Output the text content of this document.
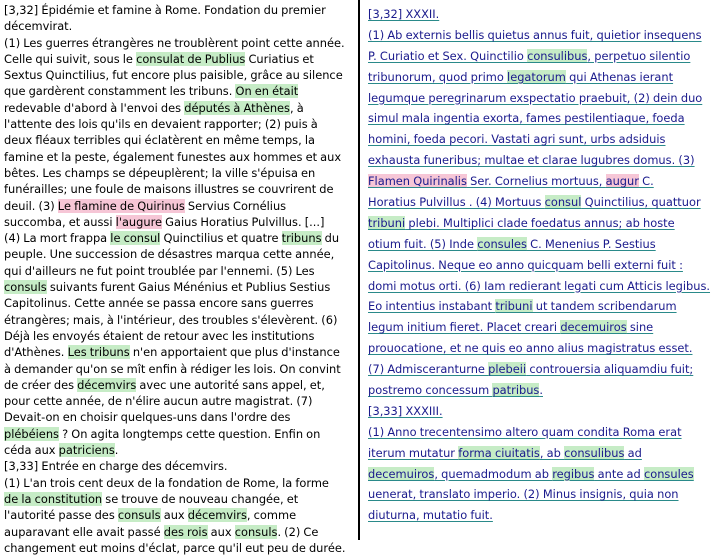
[3,32] Épidémie et famine à Rome. Fondation du premier
décemvirat.
(1) Les guerres étrangères ne troublèrent point cette année.
Celle qui suivit, sous le consulat de Publius Curiatius et
Sextus Quinctilius, fut encore plus paisible, grâce au silence
que gardèrent constamment les tribuns. On en était
redevable d'abord à l'envoi des députés à Athènes, à
l'attente des lois qu'ils en devaient rapporter; (2) puis à
deux fléaux terribles qui éclatèrent en même temps, la
famine et la peste, également funestes aux hommes et aux
bêtes. Les champs se dépeuplèrent; la ville s'épuisa en
funérailles; une foule de maisons illustres se couvrirent de
deuil. (3) Le flamine de Quirinus Servius Cornélius
succomba, et aussi l'augure Gaius Horatius Pulvillus. [...]
(4) La mort frappa le consul Quinctilius et quatre tribuns du
peuple. Une succession de désastres marqua cette année,
qui d'ailleurs ne fut point troublée par l'ennemi. (5) Les
consuls suivants furent Gaius Ménénius et Publius Sestius
Capitolinus. Cette année se passa encore sans guerres
étrangères; mais, à l'intérieur, des troubles s'élevèrent. (6)
Déjà les envoyés étaient de retour avec les institutions
d'Athènes. Les tribuns n'en apportaient que plus d'instance
à demander qu'on se mît enfin à rédiger les lois. On convint
de créer des décemvirs avec une autorité sans appel, et,
pour cette année, de n'élire aucun autre magistrat. (7)
Devait-on en choisir quelques-uns dans l'ordre des
plébéiens ? On agita longtemps cette question. Enfin on
céda aux patriciens.
[3,33] Entrée en charge des décemvirs.
(1) L'an trois cent deux de la fondation de Rome, la forme
de la constitution se trouve de nouveau changée, et
l'autorité passe des consuls aux décemvirs, comme
auparavant elle avait passé des rois aux consuls. (2) Ce
changement eut moins d'éclat, parce qu'il eut peu de durée.
[3,32] XXXII.
(1) Ab externis bellis quietus annus fuit, quietior insequens
P. Curiatio et Sex. Quinctilio consulibus, perpetuo silentio
tribunorum, quod primo legatorum qui Athenas ierant
legumque peregrinarum exspectatio praebuit, (2) dein duo
simul mala ingentia exorta, fames pestilentiaque, foeda
homini, foeda pecori. Vastati agri sunt, urbs adsiduis
exhausta funeribus; multae et clarae lugubres domus. (3)
Flamen Quirinalis Ser. Cornelius mortuus, augur C.
Horatius Pulvillus . (4) Mortuus consul Quinctilius, quattuor
tribuni plebi. Multiplici clade foedatus annus; ab hoste
otium fuit. (5) Inde consules C. Menenius P. Sestius
Capitolinus. Neque eo anno quicquam belli externi fuit :
domi motus orti. (6) Iam redierant legati cum Atticis legibus.
Eo intentius instabant tribuni ut tandem scribendarum
legum initium fieret. Placet creari decemuiros sine
prouocatione, et ne quis eo anno alius magistratus esset.
(7) Admisceranturne plebeii controuersia aliquamdiu fuit;
postremo concessum patribus.
[3,33] XXXIII.
(1) Anno trecentensimo altero quam condita Roma erat
iterum mutatur forma ciuitatis, ab consulibus ad
decemuiros, quemadmodum ab regibus ante ad consules
uenerat, translato imperio. (2) Minus insignis, quia non
diuturna, mutatio fuit.
